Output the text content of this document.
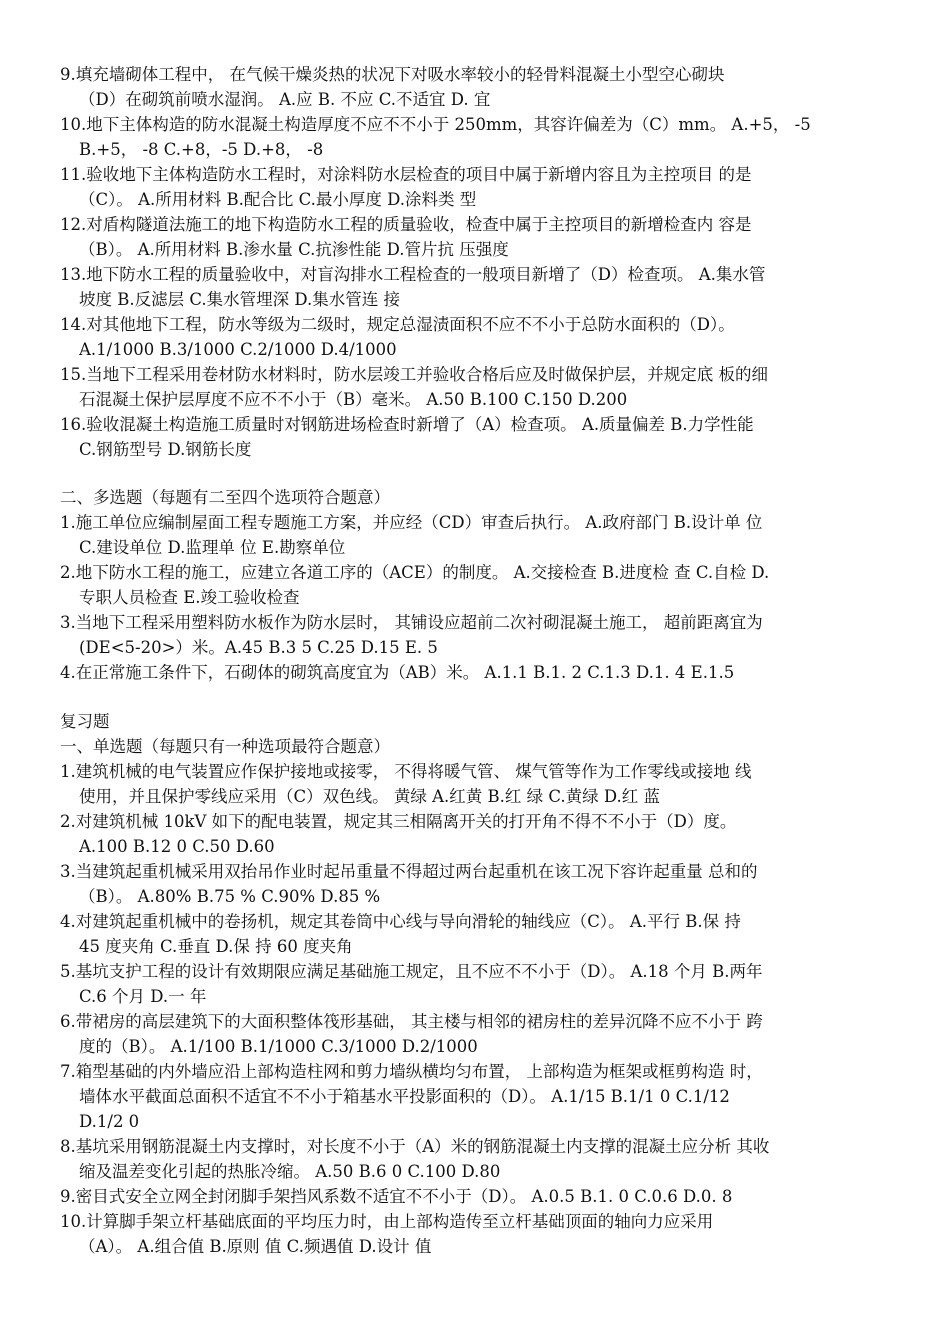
9.填充墙砌体工程中， 在气候干燥炎热的状况下对吸水率较小的轻骨料混凝土小型空心砌块
（D）在砌筑前喷水湿润。 A.应 B. 不应 C.不适宜 D. 宜
10.地下主体构造的防水混凝土构造厚度不应不不小于 250mm，其容许偏差为（C）mm。 A.+5， -5
B.+5， -8 C.+8，-5 D.+8， -8
11.验收地下主体构造防水工程时，对涂料防水层检查的项目中属于新增内容且为主控项目 的是
（C）。 A.所用材料 B.配合比 C.最小厚度 D.涂料类 型
12.对盾构隧道法施工的地下构造防水工程的质量验收，检查中属于主控项目的新增检查内 容是
（B）。 A.所用材料 B.渗水量 C.抗渗性能 D.管片抗 压强度
13.地下防水工程的质量验收中，对盲沟排水工程检查的一般项目新增了（D）检查项。 A.集水管
坡度 B.反滤层 C.集水管埋深 D.集水管连 接
14.对其他地下工程，防水等级为二级时，规定总湿渍面积不应不不小于总防水面积的（D）。
A.1/1000 B.3/1000 C.2/1000 D.4/1000
15.当地下工程采用卷材防水材料时，防水层竣工并验收合格后应及时做保护层，并规定底 板的细
石混凝土保护层厚度不应不不小于（B）毫米。 A.50 B.100 C.150 D.200
16.验收混凝土构造施工质量时对钢筋进场检查时新增了（A）检查项。 A.质量偏差 B.力学性能
C.钢筋型号 D.钢筋长度
二、多选题（每题有二至四个选项符合题意）
1.施工单位应编制屋面工程专题施工方案，并应经（CD）审查后执行。 A.政府部门 B.设计单 位
C.建设单位 D.监理单 位 E.勘察单位
2.地下防水工程的施工，应建立各道工序的（ACE）的制度。 A.交接检查 B.进度检 查 C.自检 D.
专职人员检查 E.竣工验收检查
3.当地下工程采用塑料防水板作为防水层时， 其铺设应超前二次衬砌混凝土施工， 超前距离宜为
(DE<5-20>）米。A.45 B.3 5 C.25 D.15 E. 5
4.在正常施工条件下，石砌体的砌筑高度宜为（AB）米。 A.1.1 B.1. 2 C.1.3 D.1. 4 E.1.5
复习题
一、单选题（每题只有一种选项最符合题意）
1.建筑机械的电气装置应作保护接地或接零， 不得将暖气管、 煤气管等作为工作零线或接地 线
使用，并且保护零线应采用（C）双色线。 黄绿 A.红黄 B.红 绿 C.黄绿 D.红 蓝
2.对建筑机械 10kV 如下的配电装置，规定其三相隔离开关的打开角不得不不小于（D）度。
A.100 B.12 0 C.50 D.60
3.当建筑起重机械采用双抬吊作业时起吊重量不得超过两台起重机在该工况下容许起重量 总和的
（B）。 A.80% B.75 % C.90% D.85 %
4.对建筑起重机械中的卷扬机，规定其卷筒中心线与导向滑轮的轴线应（C）。 A.平行 B.保 持
45 度夹角 C.垂直 D.保 持 60 度夹角
5.基坑支护工程的设计有效期限应满足基础施工规定，且不应不不小于（D）。 A.18 个月 B.两年
C.6 个月 D.一 年
6.带裙房的高层建筑下的大面积整体筏形基础， 其主楼与相邻的裙房柱的差异沉降不应不小于 跨
度的（B）。 A.1/100 B.1/1000 C.3/1000 D.2/1000
7.箱型基础的内外墙应沿上部构造柱网和剪力墙纵横均匀布置， 上部构造为框架或框剪构造 时，
墙体水平截面总面积不适宜不不小于箱基水平投影面积的（D）。 A.1/15 B.1/1 0 C.1/12
D.1/2 0
8.基坑采用钢筋混凝土内支撑时，对长度不小于（A）米的钢筋混凝土内支撑的混凝土应分析 其收
缩及温差变化引起的热胀冷缩。 A.50 B.6 0 C.100 D.80
9.密目式安全立网全封闭脚手架挡风系数不适宜不不小于（D）。 A.0.5 B.1. 0 C.0.6 D.0. 8
10.计算脚手架立杆基础底面的平均压力时，由上部构造传至立杆基础顶面的轴向力应采用
（A）。 A.组合值 B.原则 值 C.频遇值 D.设计 值
